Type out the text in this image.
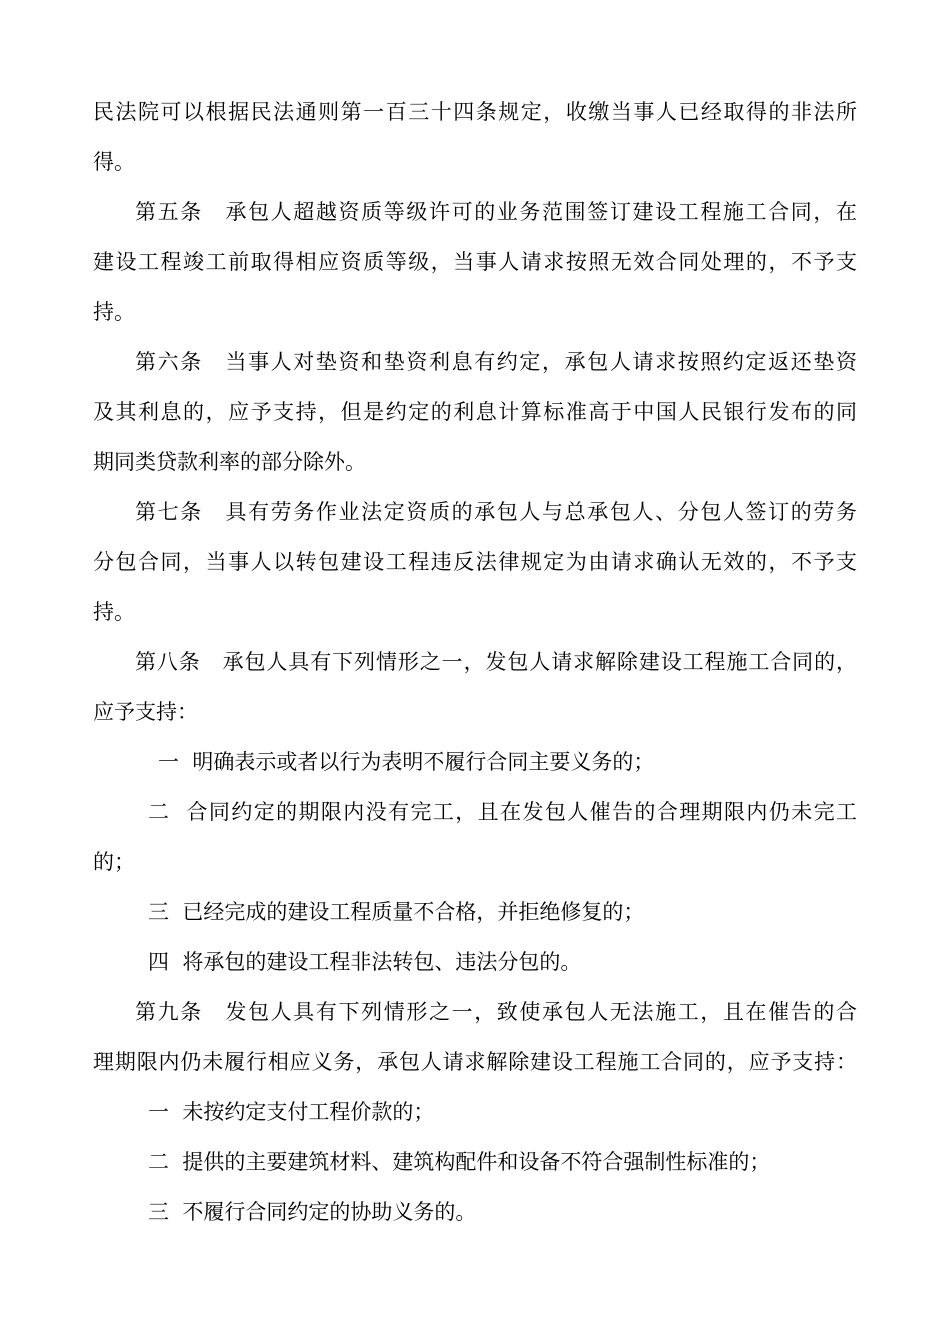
民法院可以根据民法通则第一百三十四条规定，收缴当事人已经取得的非法所
得。
第五条　承包人超越资质等级许可的业务范围签订建设工程施工合同，在
建设工程竣工前取得相应资质等级，当事人请求按照无效合同处理的，不予支
持。
第六条　当事人对垫资和垫资利息有约定，承包人请求按照约定返还垫资
及其利息的，应予支持，但是约定的利息计算标准高于中国人民银行发布的同
期同类贷款利率的部分除外。
第七条　具有劳务作业法定资质的承包人与总承包人、分包人签订的劳务
分包合同，当事人以转包建设工程违反法律规定为由请求确认无效的，不予支
持。
第八条　承包人具有下列情形之一，发包人请求解除建设工程施工合同的，
应予支持：
一  明确表示或者以行为表明不履行合同主要义务的；
二  合同约定的期限内没有完工，且在发包人催告的合理期限内仍未完工
的；
三  已经完成的建设工程质量不合格，并拒绝修复的；
四  将承包的建设工程非法转包、违法分包的。
第九条　发包人具有下列情形之一，致使承包人无法施工，且在催告的合
理期限内仍未履行相应义务，承包人请求解除建设工程施工合同的，应予支持：
一  未按约定支付工程价款的；
二  提供的主要建筑材料、建筑构配件和设备不符合强制性标准的；
三  不履行合同约定的协助义务的。
